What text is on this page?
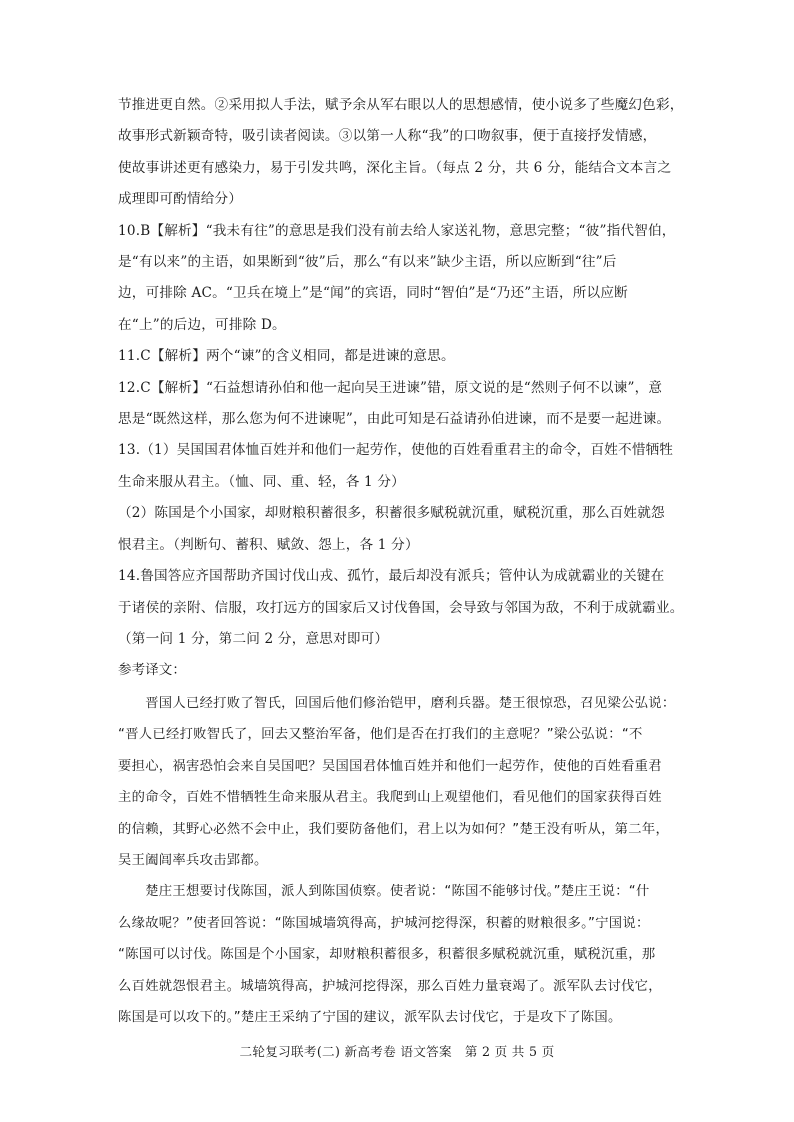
节推进更自然。②采用拟人手法，赋予余从军右眼以人的思想感情，使小说多了些魔幻色彩，

故事形式新颖奇特，吸引读者阅读。③以第一人称“我”的口吻叙事，便于直接抒发情感，

使故事讲述更有感染力，易于引发共鸣，深化主旨。（每点 2 分，共 6 分，能结合文本言之

成理即可酌情给分）

10.B【解析】“我未有往”的意思是我们没有前去给人家送礼物，意思完整；“彼”指代智伯，

是“有以来”的主语，如果断到“彼”后，那么“有以来”缺少主语，所以应断到“往”后

边，可排除 AC。“卫兵在境上”是“闻”的宾语，同时“智伯”是“乃还”主语，所以应断

在“上”的后边，可排除 D。

11.C【解析】两个“谏”的含义相同，都是进谏的意思。

12.C【解析】“石益想请孙伯和他一起向吴王进谏”错，原文说的是“然则子何不以谏”，意

思是“既然这样，那么您为何不进谏呢”，由此可知是石益请孙伯进谏，而不是要一起进谏。

13.（1）吴国国君体恤百姓并和他们一起劳作，使他的百姓看重君主的命令，百姓不惜牺牲

生命来服从君主。（恤、同、重、轻，各 1 分）

（2）陈国是个小国家，却财粮积蓄很多，积蓄很多赋税就沉重，赋税沉重，那么百姓就怨

恨君主。（判断句、蓄积、赋敛、怨上，各 1 分）

14.鲁国答应齐国帮助齐国讨伐山戎、孤竹，最后却没有派兵；管仲认为成就霸业的关键在

于诸侯的亲附、信服，攻打远方的国家后又讨伐鲁国，会导致与邻国为敌，不利于成就霸业。

（第一问 1 分，第二问 2 分，意思对即可）

参考译文：

　　晋国人已经打败了智氏，回国后他们修治铠甲，磨利兵器。楚王很惊恐，召见梁公弘说：

“晋人已经打败智氏了，回去又整治军备，他们是否在打我们的主意呢？”梁公弘说：“不

要担心，祸害恐怕会来自吴国吧？吴国国君体恤百姓并和他们一起劳作，使他的百姓看重君

主的命令，百姓不惜牺牲生命来服从君主。我爬到山上观望他们，看见他们的国家获得百姓

的信赖，其野心必然不会中止，我们要防备他们，君上以为如何？”楚王没有听从，第二年，

吴王阖闾率兵攻击郢都。

　　楚庄王想要讨伐陈国，派人到陈国侦察。使者说：“陈国不能够讨伐。”楚庄王说：“什

么缘故呢？”使者回答说：“陈国城墙筑得高，护城河挖得深，积蓄的财粮很多。”宁国说：

“陈国可以讨伐。陈国是个小国家，却财粮积蓄很多，积蓄很多赋税就沉重，赋税沉重，那

么百姓就怨恨君主。城墙筑得高，护城河挖得深，那么百姓力量衰竭了。派军队去讨伐它，

陈国是可以攻下的。”楚庄王采纳了宁国的建议，派军队去讨伐它，于是攻下了陈国。

二轮复习联考(二) 新高考卷 语文答案　第 2 页 共 5 页
